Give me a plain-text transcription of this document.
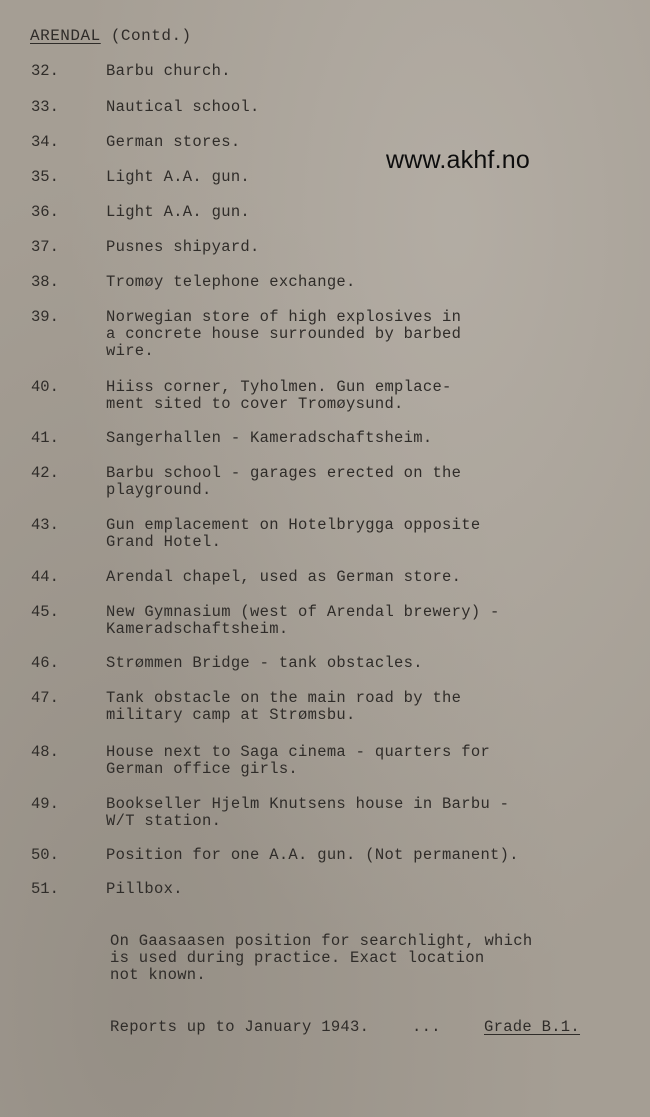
ARENDAL (Contd.)
www.akhf.no
32.	Barbu church.
33.	Nautical school.
34.	German stores.
35.	Light A.A. gun.
36.	Light A.A. gun.
37.	Pusnes shipyard.
38.	Tromøy telephone exchange.
39.	Norwegian store of high explosives in
a concrete house surrounded by barbed
wire.
40.	Hiiss corner, Tyholmen. Gun emplace-
ment sited to cover Tromøysund.
41.	Sangerhallen - Kameradschaftsheim.
42.	Barbu school - garages erected on the
playground.
43.	Gun emplacement on Hotelbrygga opposite
Grand Hotel.
44.	Arendal chapel, used as German store.
45.	New Gymnasium (west of Arendal brewery) -
Kameradschaftsheim.
46.	Strømmen Bridge - tank obstacles.
47.	Tank obstacle on the main road by the
military camp at Strømsbu.
48.	House next to Saga cinema - quarters for
German office girls.
49.	Bookseller Hjelm Knutsens house in Barbu -
W/T station.
50.	Position for one A.A. gun. (Not permanent).
51.	Pillbox.
On Gaasaasen position for searchlight, which
is used during practice. Exact location
not known.
Reports up to January 1943.	...	Grade B.1.
